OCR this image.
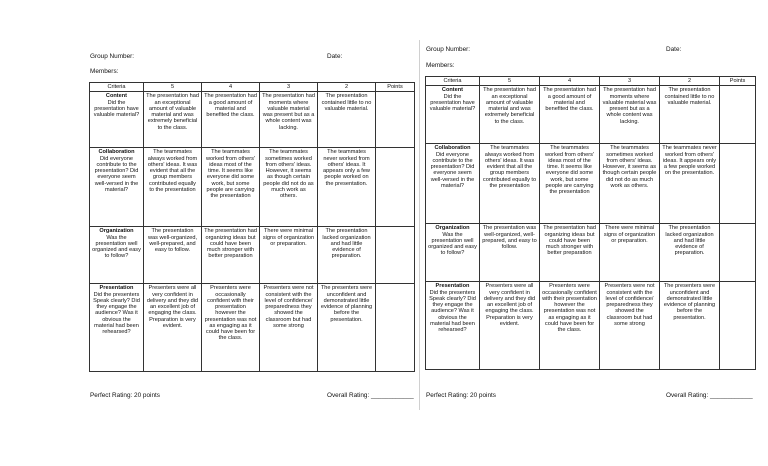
Group Number:	Date:
Members:
Criteria	5	4	3	2	Points

Content
Did the presentation have valuable material?	The presentation had an exceptional amount of valuable material and was extremely beneficial to the class.	The presentation had a good amount of material and benefited the class.	The presentation had moments where valuable material was present but as a whole content was lacking.	The presentation contained little to no valuable material.	

Collaboration
Did everyone contribute to the presentation? Did everyone seem well-versed in the material?	The teammates always worked from others' ideas. It was evident that all the group members contributed equally to the presentation	The teammates worked from others' ideas most of the time. It seems like everyone did some work, but some people are carrying the presentation	The teammates sometimes worked from others' ideas. However, it seems as though certain people did not do as much work as others.	The teammates never worked from others' ideas. It appears only a few people worked on the presentation.	

Organization
Was the presentation well organized and easy to follow?	The presentation was well-organized, well-prepared, and easy to follow.	The presentation had organizing ideas but could have been much stronger with better preparation	There were minimal signs of organization or preparation.	The presentation lacked organization and had little evidence of preparation.	

Presentation
Did the presenters Speak clearly? Did they engage the audience? Was it obvious the material had been rehearsed?	Presenters were all very confident in delivery and they did an excellent job of engaging the class. Preparation is very evident.	Presenters were occasionally confident with their presentation however the presentation was not as engaging as it could have been for the class.	Presenters were not consistent with the level of confidence/ preparedness they showed the classroom but had some strong	The presenters were unconfident and demonstrated little evidence of planning before the presentation.	
Perfect Rating: 20 points	Overall Rating: ____________
Group Number:	Date:
Members:
Criteria	5	4	3	2	Points

Content
Did the presentation have valuable material?	The presentation had an exceptional amount of valuable material and was extremely beneficial to the class.	The presentation had a good amount of material and benefited the class.	The presentation had moments where valuable material was present but as a whole content was lacking.	The presentation contained little to no valuable material.	

Collaboration
Did everyone contribute to the presentation? Did everyone seem well-versed in the material?	The teammates always worked from others' ideas. It was evident that all the group members contributed equally to the presentation	The teammates worked from others' ideas most of the time. It seems like everyone did some work, but some people are carrying the presentation	The teammates sometimes worked from others' ideas. However, it seems as though certain people did not do as much work as others.	The teammates never worked from others' ideas. It appears only a few people worked on the presentation.	

Organization
Was the presentation well organized and easy to follow?	The presentation was well-organized, well-prepared, and easy to follow.	The presentation had organizing ideas but could have been much stronger with better preparation	There were minimal signs of organization or preparation.	The presentation lacked organization and had little evidence of preparation.	

Presentation
Did the presenters Speak clearly? Did they engage the audience? Was it obvious the material had been rehearsed?	Presenters were all very confident in delivery and they did an excellent job of engaging the class. Preparation is very evident.	Presenters were occasionally confident with their presentation however the presentation was not as engaging as it could have been for the class.	Presenters were not consistent with the level of confidence/ preparedness they showed the classroom but had some strong	The presenters were unconfident and demonstrated little evidence of planning before the presentation.	
Perfect Rating: 20 points	Overall Rating: ____________
